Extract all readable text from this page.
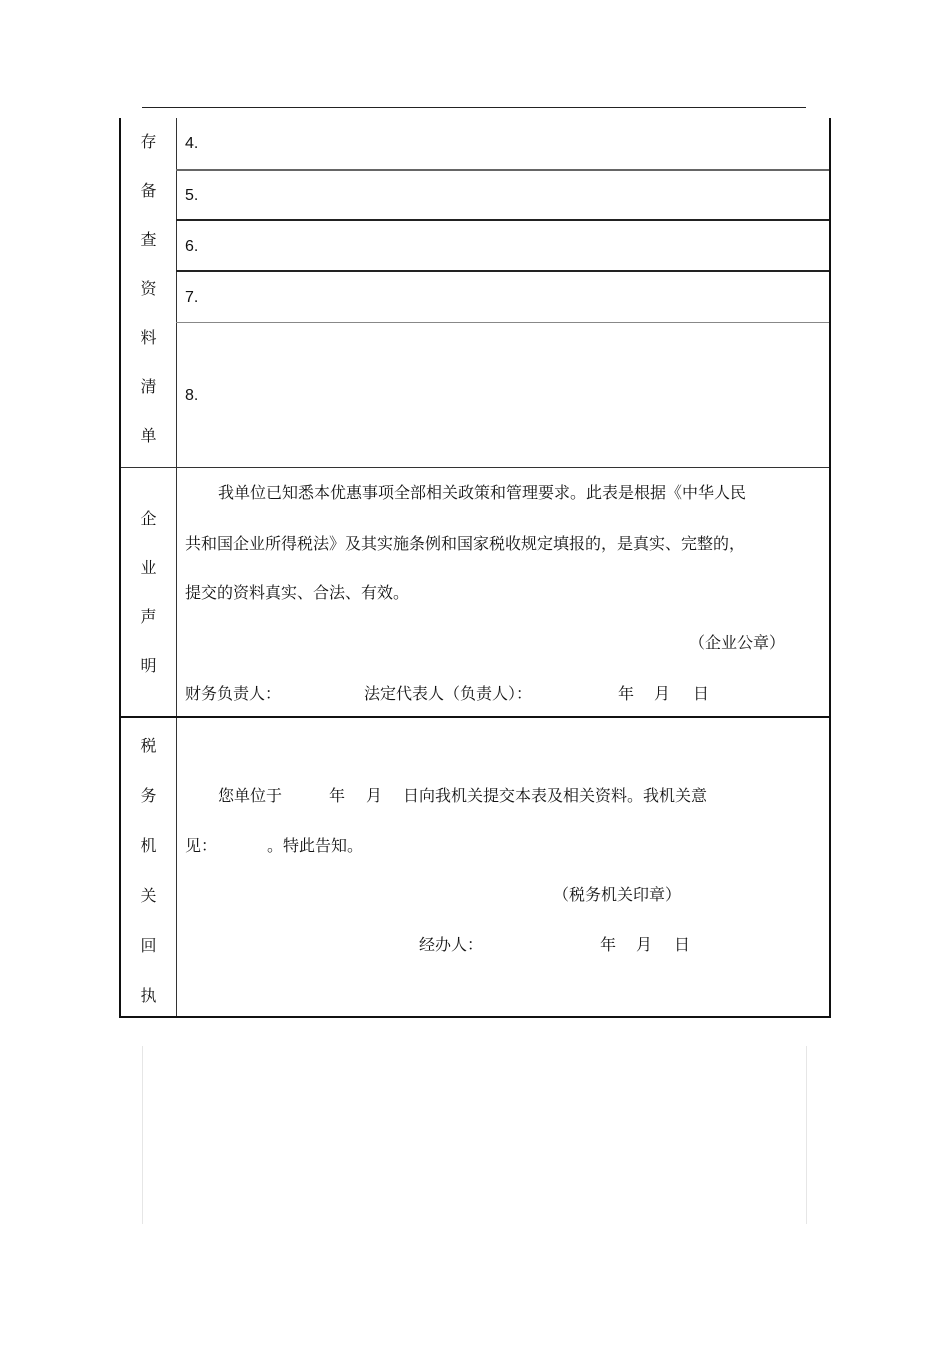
存
备
查
资
料
清
单
4.
5.
6.
7.
8.
企
业
声
明
我单位已知悉本优惠事项全部相关政策和管理要求。此表是根据《中华人民
共和国企业所得税法》及其实施条例和国家税收规定填报的，是真实、完整的，
提交的资料真实、合法、有效。
（企业公章）
财务负责人：	法定代表人（负责人）：	年 月 日
税
务
机
关
回
执
您单位于	年 月 日向我机关提交本表及相关资料。我机关意
见：	。特此告知。
（税务机关印章）
经办人：	年 月 日
